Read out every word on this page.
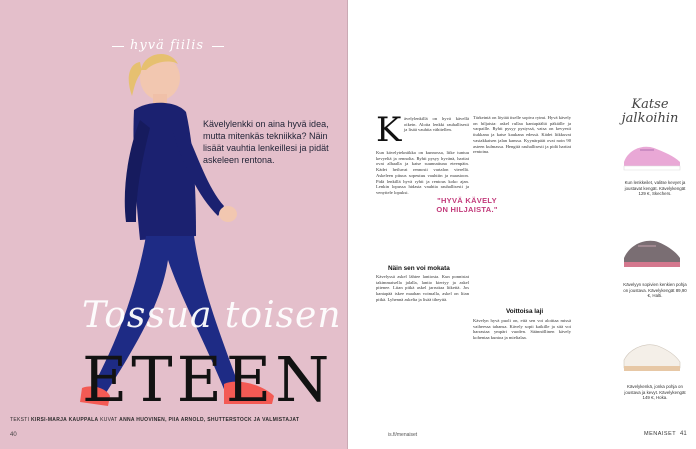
hyvä fiilis
Kävelylenkki on aina hyvä idea, mutta mitenkäs tekniikka? Näin lisäät vauhtia lenkeillesi ja pidät askeleen rentona.
Tossua toisen
ETEEN
TEKSTI KIRSI-MARJA KAUPPALA KUVAT ANNA HUOVINEN, PIIA ARNOLD, SHUTTERSTOCK JA VALMISTAJAT
40
K ävelylenkillä on hyvä kävellä oikein. Aloita lenkki rauhallisesti ja lisää vauhtia vähitellen.

Kun kävelytekniikka on kunnossa, liike tuntuu kevyeltä ja rennolta. Ryhti pysyy hyvänä, hartiat ovat alhaalla ja katse suunnattuna eteenpäin. Kädet heiluvat rennosti vartalon vierellä. Askeleen pituus sopeutuu vauhtiin ja maastoon. Pidä lenkillä hyvä ryhti ja rentous koko ajan. Lenkin lopussa hidasta vauhtia rauhallisesti ja venyttele lopuksi.

"HYVÄ KÄVELY ON HILJAISTA."
Näin sen voi mokata

Kävelyssä askel lähtee lantiosta. Kun ponnistat takimmaisella jalalla, lantio kiertyy ja askel pitenee. Liian pitkä askel jarruttaa liikettä. Jos kantapää iskee maahan voimalla, askel on liian pitkä. Lyhennä askelta ja lisää tiheyttä.

Tärkeintä on löytää itselle sopiva rytmi. Hyvä kävely on hiljaista: askel rullaa kantapäältä päkiälle ja varpaille. Ryhti pysyy pystyssä, vatsa on kevyesti tiukkana ja katse kaukana edessä. Kädet liikkuvat vastakkaisen jalan kanssa. Kyynärpäät ovat noin 90 asteen kulmassa. Hengitä rauhallisesti ja pidä hartiat rentoina.

Voittoisa laji

Kävelyn hyvä puoli on, että sen voi aloittaa missä vaiheessa tahansa. Kävely sopii kaikille ja sitä voi harrastaa ympäri vuoden. Säännöllinen kävely kohentaa kuntoa ja mielialaa.

Katse jalkoihin
Kun lenkkeilet, valitse kevyet ja joustavat kengät. Kävelykengät 129 €, Skechers.
Kävelyyn sopivien kenkien pohja on joustava. Kävelykengät 89,90 €, Halti.
Kävelykenkä, jonka pohja on joustava ja kevyt. Kävelykengät 149 €, Hoka.
is.fi/menaiset	MENAISET 41
